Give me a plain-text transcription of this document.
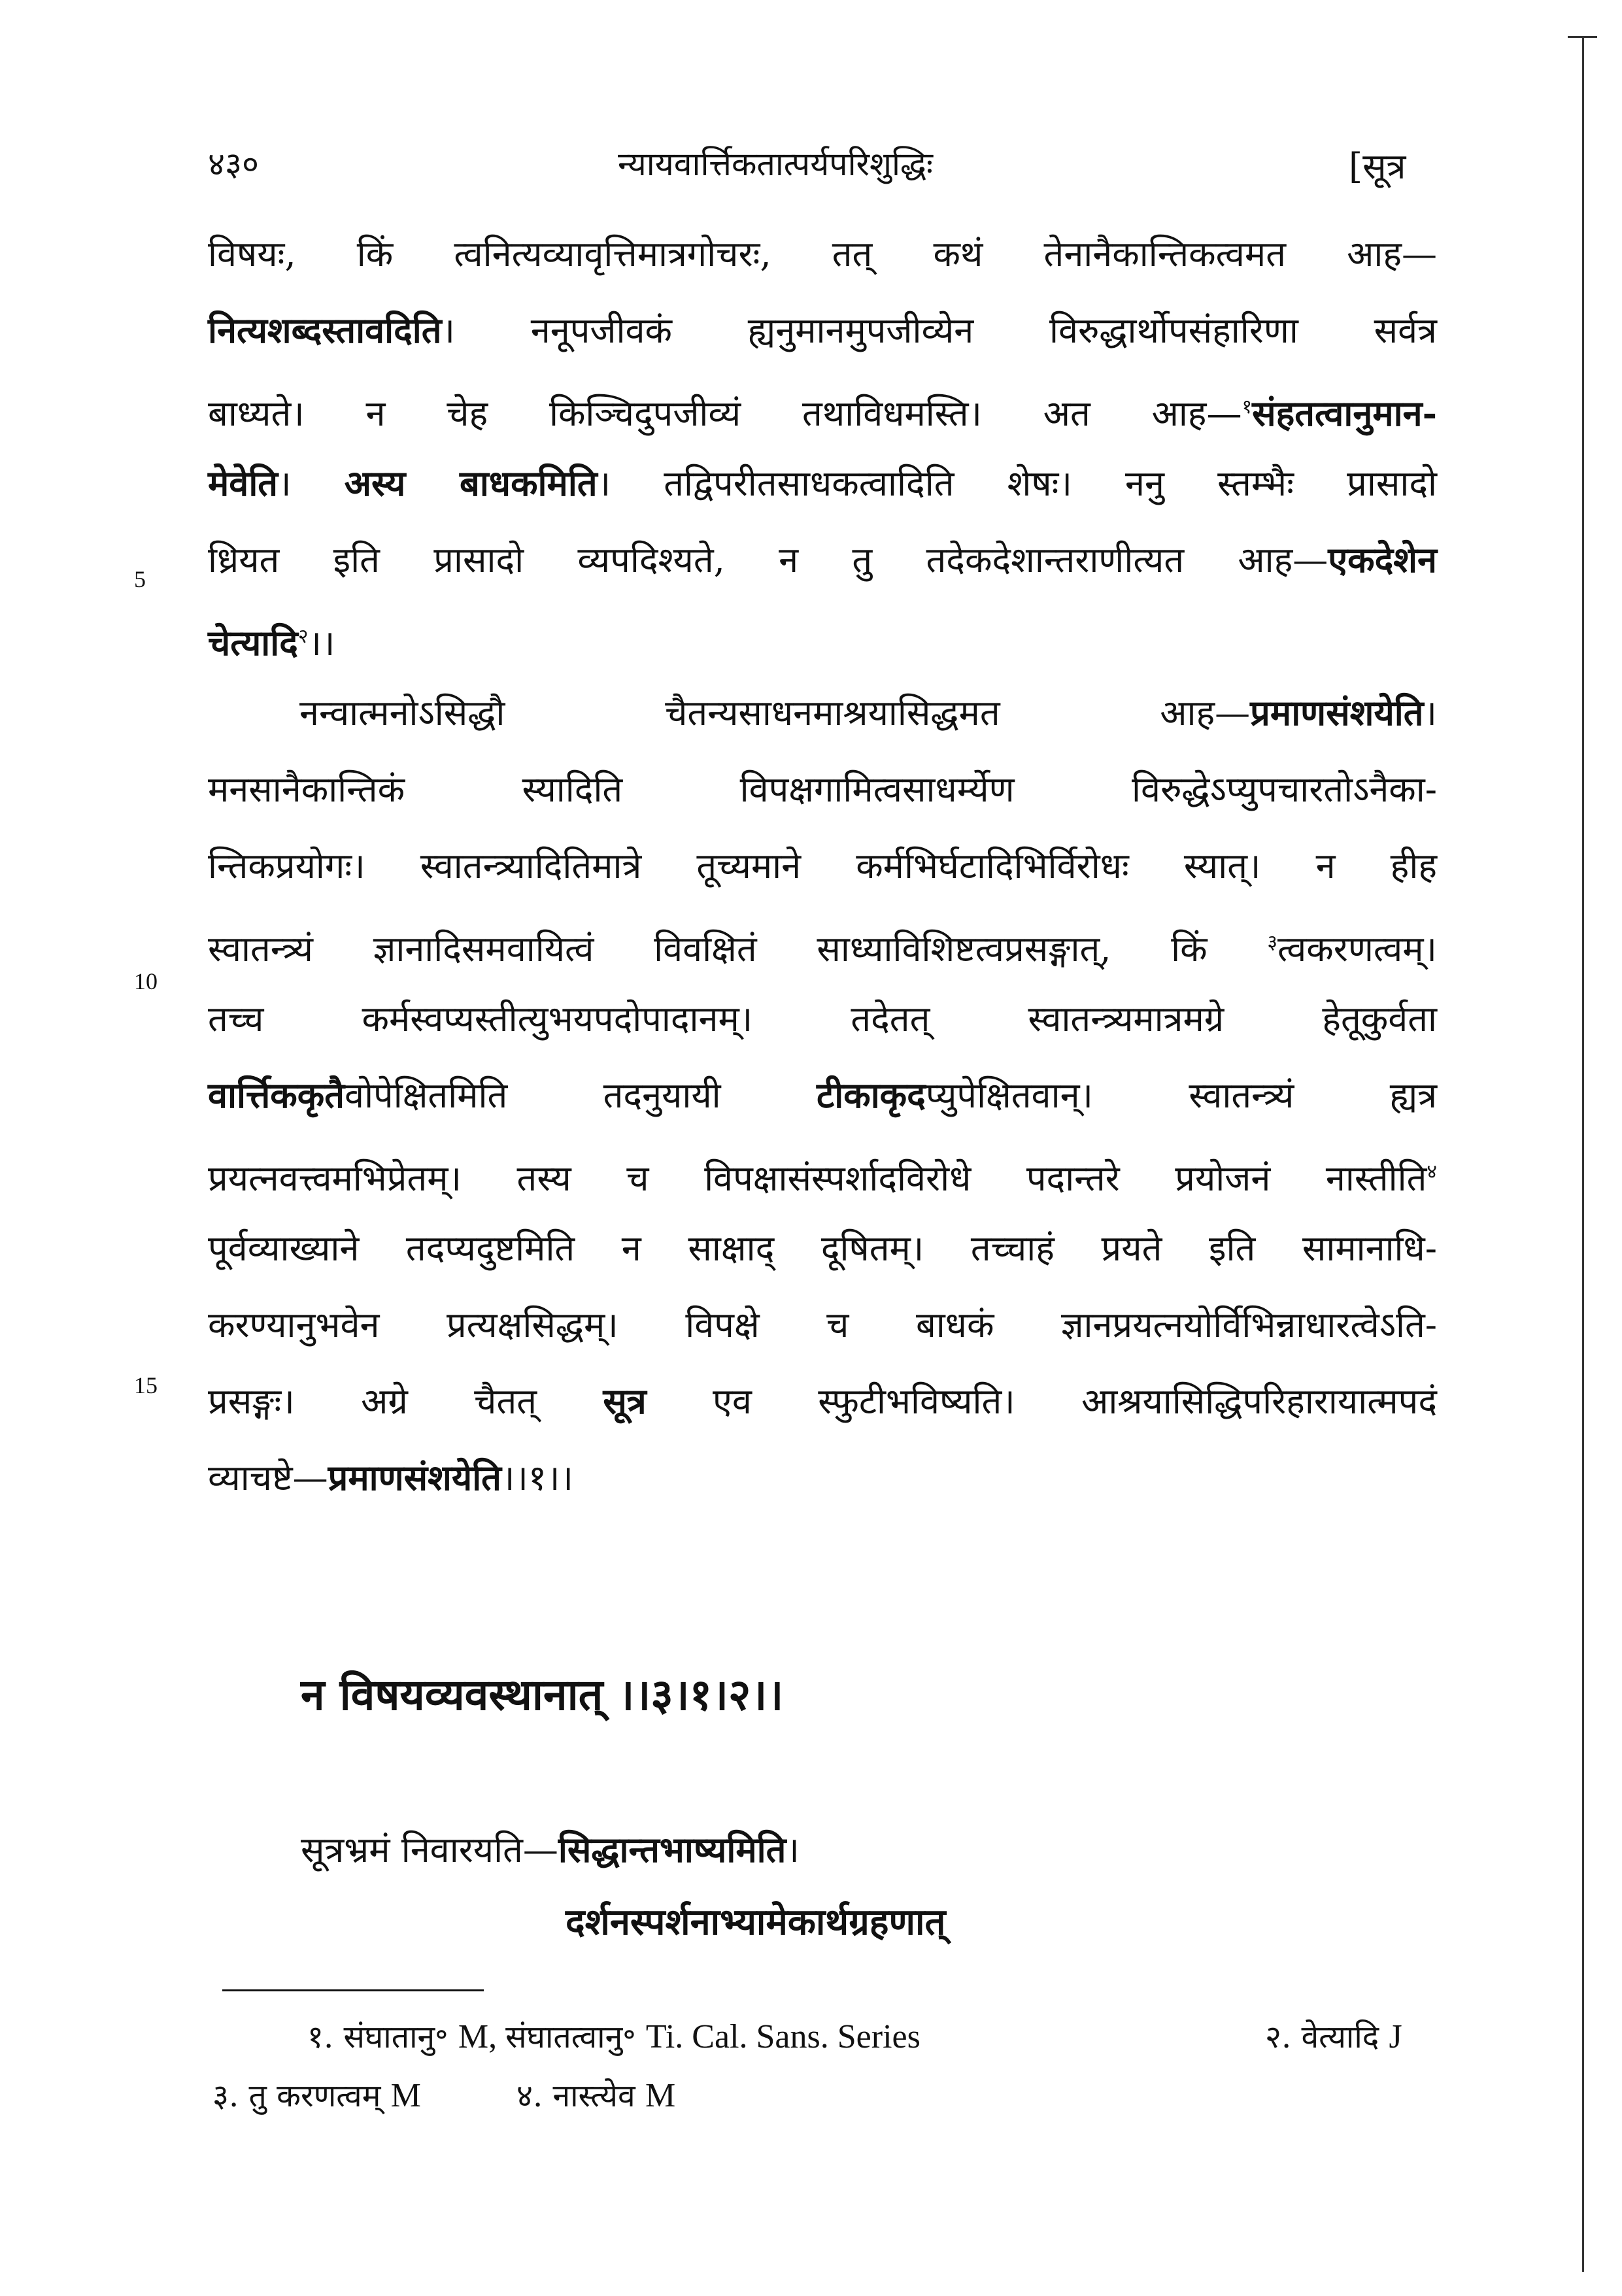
४३०	न्यायवार्त्तिकतात्पर्यपरिशुद्धिः	[सूत्र
5
10
15
विषयः, किं त्वनित्यव्यावृत्तिमात्रगोचरः, तत् कथं तेनानैकान्तिकत्वमत आह—
नित्यशब्दस्तावदिति। ननूपजीवकं ह्यनुमानमुपजीव्येन विरुद्धार्थोपसंहारिणा सर्वत्र
बाध्यते। न चेह किञ्चिदुपजीव्यं तथाविधमस्ति। अत आह—$^१$संहतत्वानुमान-
मेवेति। अस्य बाधकमिति। तद्विपरीतसाधकत्वादिति शेषः। ननु स्तम्भैः प्रासादो
ध्रियत इति प्रासादो व्यपदिश्यते, न तु तदेकदेशान्तराणीत्यत आह—एकदेशेन
चेत्यादि$^२$।।
नन्वात्मनोऽसिद्धौ चैतन्यसाधनमाश्रयासिद्धमत आह—प्रमाणसंशयेति।
मनसानैकान्तिकं स्यादिति विपक्षगामित्वसाधर्म्येण विरुद्धेऽप्युपचारतोऽनैका-
न्तिकप्रयोगः। स्वातन्त्र्यादितिमात्रे तूच्यमाने कर्मभिर्घटादिभिर्विरोधः स्यात्। न हीह
स्वातन्त्र्यं ज्ञानादिसमवायित्वं विवक्षितं साध्याविशिष्टत्वप्रसङ्गात्, किं $^३$त्वकरणत्वम्।
तच्च कर्मस्वप्यस्तीत्युभयपदोपादानम्। तदेतत् स्वातन्त्र्यमात्रमग्रे हेतूकुर्वता
वार्त्तिककृतैवोपेक्षितमिति तदनुयायी टीकाकृदप्युपेक्षितवान्। स्वातन्त्र्यं ह्यत्र
प्रयत्नवत्त्वमभिप्रेतम्। तस्य च विपक्षासंस्पर्शादविरोधे पदान्तरे प्रयोजनं नास्तीति$^४$
पूर्वव्याख्याने तदप्यदुष्टमिति न साक्षाद् दूषितम्। तच्चाहं प्रयते इति सामानाधि-
करण्यानुभवेन प्रत्यक्षसिद्धम्। विपक्षे च बाधकं ज्ञानप्रयत्नयोर्विभिन्नाधारत्वेऽति-
प्रसङ्गः। अग्रे चैतत् सूत्र एव स्फुटीभविष्यति। आश्रयासिद्धिपरिहारायात्मपदं
व्याचष्टे—प्रमाणसंशयेति।।१।।
न विषयव्यवस्थानात् ।।३।१।२।।
सूत्रभ्रमं निवारयति—सिद्धान्तभाष्यमिति।
दर्शनस्पर्शनाभ्यामेकार्थग्रहणात्
१. संघातानु॰ M, संघातत्वानु॰ Ti. Cal. Sans. Series	२. वेत्यादि J
३. तु करणत्वम् M	४. नास्त्येव M
